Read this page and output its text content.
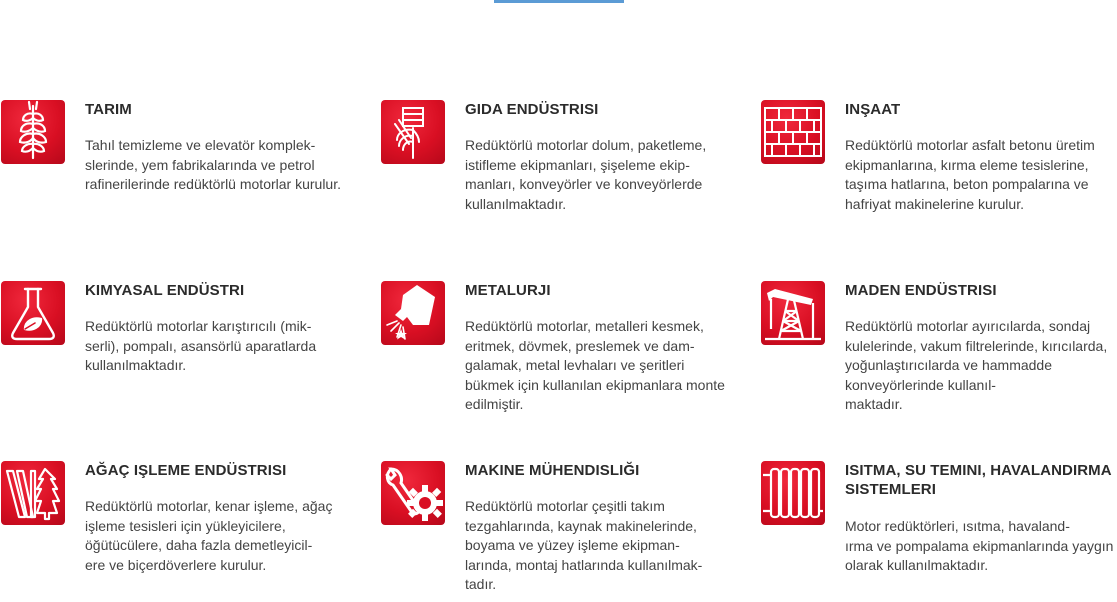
TARIM
Tahıl temizleme ve elevatör komplek-
slerinde, yem fabrikalarında ve petrol rafinerilerinde redüktörlü motorlar kurulur.
GIDA ENDÜSTRISI
Redüktörlü motorlar dolum, paketleme, istifleme ekipmanları, şişeleme ekip-
manları, konveyörler ve konveyörlerde kullanılmaktadır.
INŞAAT
Redüktörlü motorlar asfalt betonu üretim ekipmanlarına, kırma eleme tesislerine, taşıma hatlarına, beton pompalarına ve hafriyat makinelerine kurulur.
KIMYASAL ENDÜSTRI
Redüktörlü motorlar karıştırıcılı (mik-
serli), pompalı, asansörlü aparatlarda kullanılmaktadır.
METALURJI
Redüktörlü motorlar, metalleri kesmek, eritmek, dövmek, preslemek ve dam-
galamak, metal levhaları ve şeritleri bükmek için kullanılan ekipmanlara monte edilmiştir.
MADEN ENDÜSTRISI
Redüktörlü motorlar ayırıcılarda, sondaj kulelerinde, vakum filtrelerinde, kırıcılarda, yoğunlaştırıcılarda ve hammadde konveyörlerinde kullanıl-
maktadır.
AĞAÇ IŞLEME ENDÜSTRISI
Redüktörlü motorlar, kenar işleme, ağaç işleme tesisleri için yükleyicilere, öğütücülere, daha fazla demetleyicil-
ere ve biçerdöverlere kurulur.
MAKINE MÜHENDISLIĞI
Redüktörlü motorlar çeşitli takım tezgahlarında, kaynak makinelerinde, boyama ve yüzey işleme ekipman-
larında, montaj hatlarında kullanılmak-
tadır.
ISITMA, SU TEMINI, HAVALANDIRMA SISTEMLERI
Motor redüktörleri, ısıtma, havaland-
ırma ve pompalama ekipmanlarında yaygın olarak kullanılmaktadır.
